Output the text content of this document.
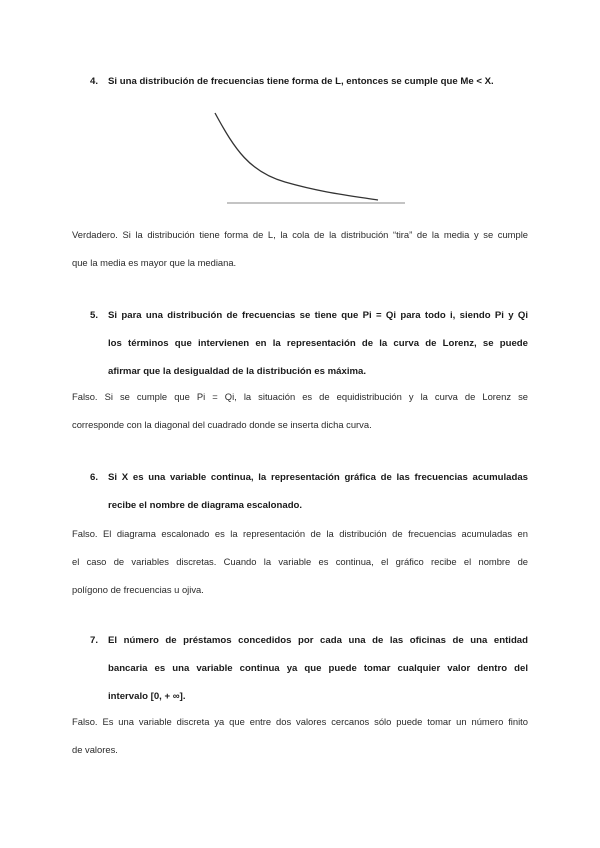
4. Si una distribución de frecuencias tiene forma de L, entonces se cumple que Me < X.
Verdadero. Si la distribución tiene forma de L, la cola de la distribución “tira” de la media y se cumple
que la media es mayor que la mediana.
5. Si para una distribución de frecuencias se tiene que Pi = Qi para todo i, siendo Pi y Qi
los términos que intervienen en la representación de la curva de Lorenz, se puede
afirmar que la desigualdad de la distribución es máxima.
Falso. Si se cumple que Pi = Qi, la situación es de equidistribución y la curva de Lorenz se
corresponde con la diagonal del cuadrado donde se inserta dicha curva.
6. Si X es una variable continua, la representación gráfica de las frecuencias acumuladas
recibe el nombre de diagrama escalonado.
Falso. El diagrama escalonado es la representación de la distribución de frecuencias acumuladas en
el caso de variables discretas. Cuando la variable es continua, el gráfico recibe el nombre de
polígono de frecuencias u ojiva.
7. El número de préstamos concedidos por cada una de las oficinas de una entidad
bancaria es una variable continua ya que puede tomar cualquier valor dentro del
intervalo [0, + ∞].
Falso. Es una variable discreta ya que entre dos valores cercanos sólo puede tomar un número finito
de valores.
